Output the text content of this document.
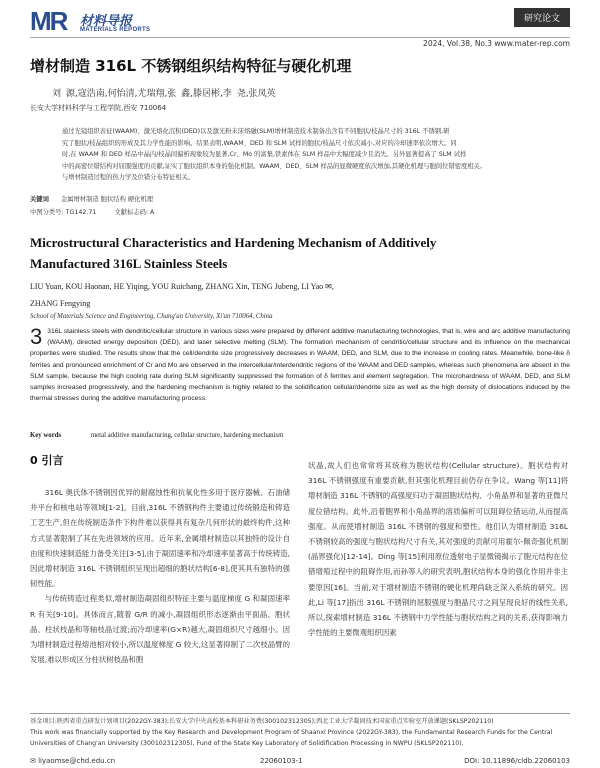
MR 材料导报
MATERIALS REPORTS
研究论文
2024, Vol.38, No.3 www.mater-rep.com
增材制造 316L 不锈钢组织结构特征与硬化机理
刘 源,寇浩南,何怡清,尤瑞翔,张 鑫,滕居彬,李 尧,张凤英
长安大学材料科学与工程学院,西安 710064
通过光镜组织表征(WAAM)、激光熔化沉积(DED)以及激光粉末床熔融(SLM)增材制造技术制备出含有不同胞状/枝晶尺寸的 316L 不锈钢,研
究了胞状/枝晶组织的形成及其力学性能的影响。结果表明,WAAM、DED 和 SLM 试样的胞状/枝晶尺寸依次减小,对应的冷却速率依次增大。同
时,在 WAAM 和 DED 样品中晶内/枝晶间偏析现象较为显著,Cr、Mo 的富集,铁素体在 SLM 样品中大幅度减少且消失。另外显著提高了 SLM 试样
中的高密位错结构对屈服强度的贡献,证实了胞状组织本身的强化机制。WAAM、DED、SLM 样品的显微硬度依次增加,其硬化机理与胞间位错密度相关,
与增材制造过程的热力学及位错分布特征相关。
关键词 金属增材制造 胞状结构 硬化机理
中图分类号: TG142.71	文献标志码: A
Microstructural Characteristics and Hardening Mechanism of Additively
Manufactured 316L Stainless Steels
LIU Yuan, KOU Haonan, HE Yiqing, YOU Ruichang, ZHANG Xin, TENG Jubeng, LI Yao ✉,
ZHANG Fengying
School of Materials Science and Engineering, Chang'an University, Xi'an 710064, China
3 316L stainless steels with dendritic/cellular structure in various sizes were prepared by different additive manufacturing technologies, that is, wire and arc additive manufacturing (WAAM), directed energy deposition (DED), and laser selective melting (SLM). The formation mechanism of cendritic/cellular structure and its influence on the mechanical properties were studied. The results show that the cell/dendrite size progressively decreases in WAAM, DED, and SLM, due to the increase in cooling rates. Meanwhile, bone-like δ ferrites and pronounced enrichment of Cr and Mo are observed in the intercellular/interdendritic regions of the WAAM and DED samples, whereas such phenomena are absent in the SLM sample, because the high cooling rate during SLM significantly suppressed the formation of δ ferrites and element segregation. The microhardness of WAAM, DED, and SLM samples increased progressively, and the hardening mechanism is highly related to the solidification cellular/dendrite size as well as the high density of dislocations induced by the thermal stresses during the additive manufacturing process.
Key words	metal additive manufacturing, cellular structure, hardening mechanism
0 引言

316L 奥氏体不锈钢因优异的耐腐蚀性和抗氧化性多用于医疗器械、石油储井平台和核电站等领域[1-2]。目前,316L 不锈钢构件主要通过传统锻造和铸造工艺生产,但在传统制造条件下构件难以获得具有复杂几何形状的最终构件,这种方式显著限制了其在先进领域的应用。近年来,金属增材制造以其独特的设计自由度和快速制造能力备受关注[3-5],由于凝固速率和冷却速率显著高于传统铸造,因此增材制造 316L 不锈钢组织呈现出超细的胞状结构[6-8],使其具有独特的强韧性能。

与传统铸造过程类似,增材制造凝固组织特征主要与温度梯度 G 和凝固速率 R 有关[9-10]。具体而言,随着 G/R 的减小,凝固组织形态逐渐由平面晶、胞状晶、柱状枝晶和等轴枝晶过渡;而冷却速率(G×R)越大,凝固组织尺寸越细小。因为增材制造过程熔池相对较小,所以温度梯度 G 较大,这显著抑制了二次枝晶臂的发展,难以形成区分柱状树枝晶和胞

状晶,故人们也常常将其统称为胞状结构(Cellular structure)。胞状结构对 316L 不锈钢强度有重要贡献,但其强化机理目前仍存在争议。Wang 等[11]将增材制造 316L 不锈钢的高强度归功于凝固胞状结构、小角晶界和显著的亚微尺度位错结构。此外,沿着胞界和小角晶界的溶质偏析可以阻碍位错运动,从而提高强度。从而使增材制造 316L 不锈钢的强度和塑性。他们认为增材制造 316L 不锈钢较高的强度与胞状结构尺寸有关,其对强度的贡献可用霍尔-佩奇强化机制(晶界强化)[12-14]。Ding 等[15]利用原位透射电子显微镜揭示了胞元结构在位错增殖过程中的阻碍作用,而孙等人的研究表明,胞状结构本身的强化作用并非主要原因[16]。当前,对于增材制造不锈钢的硬化机理尚缺乏深入系统的研究。因此,Li 等[17]指出 316L 不锈钢的屈服强度与胞晶尺寸之间呈现良好的线性关系,所以,探索增材制造 316L 不锈钢中力学性能与胞状结构之间的关系,获得影响力学性能的主要微观组织因素

基金项目:陕西省重点研发计划项目(2022GY-383);长安大学中央高校基本科研业务费(300102312305);西北工业大学凝固技术国家重点实验室开放课题(SKLSP202110)
This work was financially supported by the Key Research and Development Program of Shaanxi Province (2022GY-383), the Fundamental Research Funds for the Central Universities of Chang'an University (300102312305), Fund of the State Key Laboratory of Solidification Processing in NWPU (SKLSP202110).
✉ liyaomse@chd.edu.cn	22060103-1	DOI: 10.11896/cldb.22060103
